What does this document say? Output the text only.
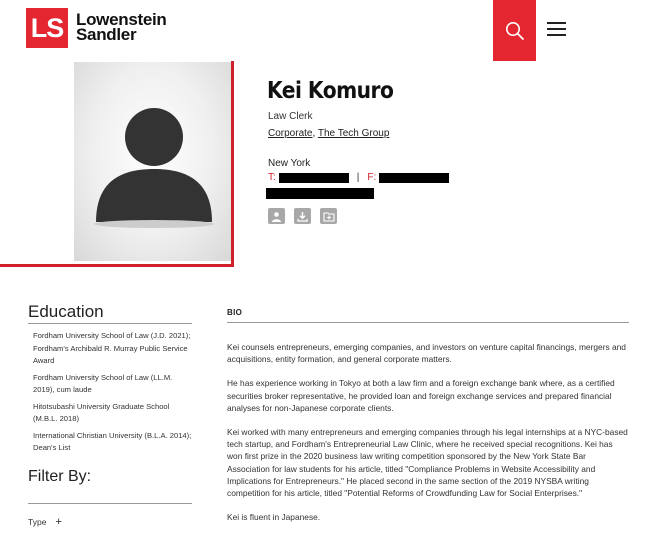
LS Lowenstein
Sandler
Kei Komuro
Law Clerk
Corporate, The Tech Group
New York
T:	| F:
Education
Fordham University School of Law (J.D. 2021);
Fordham's Archibald R. Murray Public Service Award
Fordham University School of Law (LL.M. 2019), cum laude
Hitotsubashi University Graduate School (M.B.L. 2018)
International Christian University (B.L.A. 2014); Dean's List
Filter By:
Type +
BIO

Kei counsels entrepreneurs, emerging companies, and investors on venture capital financings, mergers and acquisitions, entity formation, and general corporate matters.

He has experience working in Tokyo at both a law firm and a foreign exchange bank where, as a certified securities broker representative, he provided loan and foreign exchange services and prepared financial analyses for non-Japanese corporate clients.

Kei worked with many entrepreneurs and emerging companies through his legal internships at a NYC-based tech startup, and Fordham's Entrepreneurial Law Clinic, where he received special recognitions. Kei has won first prize in the 2020 business law writing competition sponsored by the New York State Bar Association for law students for his article, titled "Compliance Problems in Website Accessibility and Implications for Entrepreneurs." He placed second in the same section of the 2019 NYSBA writing competition for his article, titled "Potential Reforms of Crowdfunding Law for Social Enterprises."

Kei is fluent in Japanese.
